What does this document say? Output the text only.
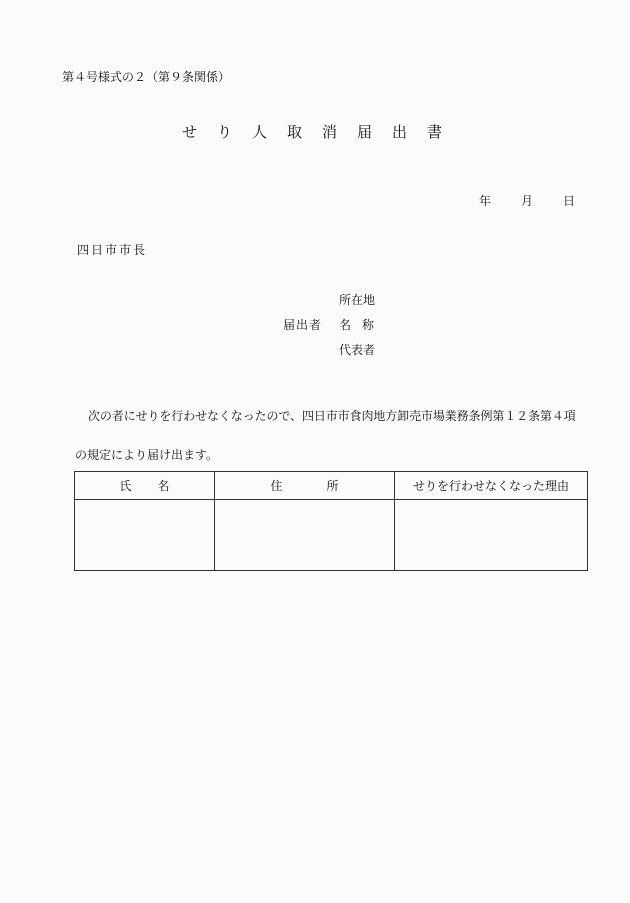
第４号様式の２（第９条関係）
せり人取消届出書
年 月 日
四日市市長
所在地
届出者 名称
代表者
次の者にせりを行わせなくなったので、四日市市食肉地方卸売市場業務条例第１２条第４項
の規定により届け出ます。
氏名	住所	せりを行わせなくなった理由
